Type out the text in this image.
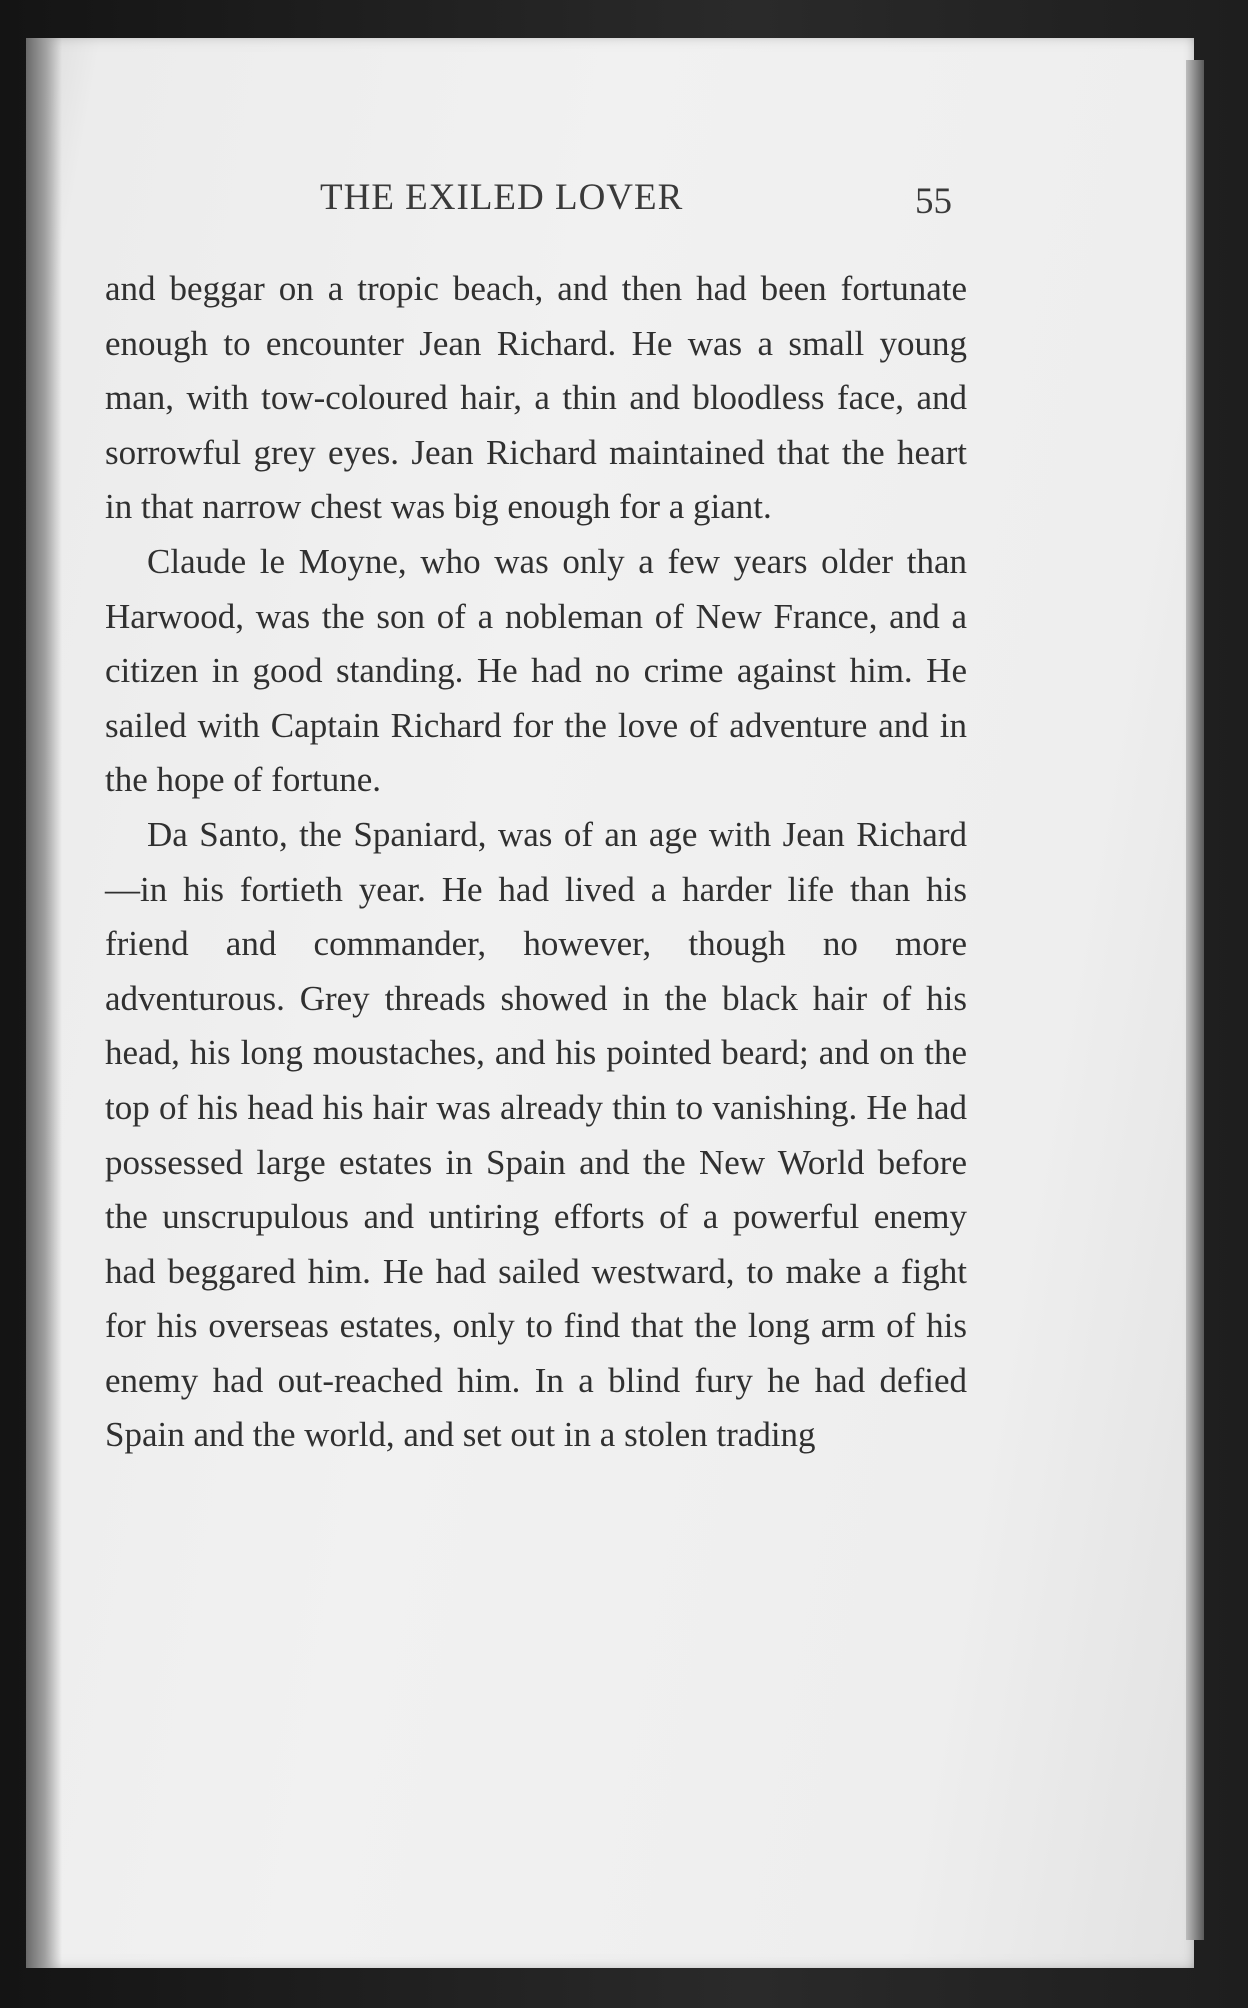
THE EXILED LOVER	55

and beggar on a tropic beach, and then had been fortunate enough to encounter Jean Richard. He was a small young man, with tow-coloured hair, a thin and bloodless face, and sorrowful grey eyes. Jean Richard maintained that the heart in that narrow chest was big enough for a giant.

Claude le Moyne, who was only a few years older than Harwood, was the son of a nobleman of New France, and a citizen in good standing. He had no crime against him. He sailed with Captain Richard for the love of adventure and in the hope of fortune.

Da Santo, the Spaniard, was of an age with Jean Richard—in his fortieth year. He had lived a harder life than his friend and commander, however, though no more adventurous. Grey threads showed in the black hair of his head, his long moustaches, and his pointed beard; and on the top of his head his hair was already thin to vanishing. He had possessed large estates in Spain and the New World before the unscrupulous and untiring efforts of a powerful enemy had beggared him. He had sailed westward, to make a fight for his overseas estates, only to find that the long arm of his enemy had out-reached him. In a blind fury he had defied Spain and the world, and set out in a stolen trading
